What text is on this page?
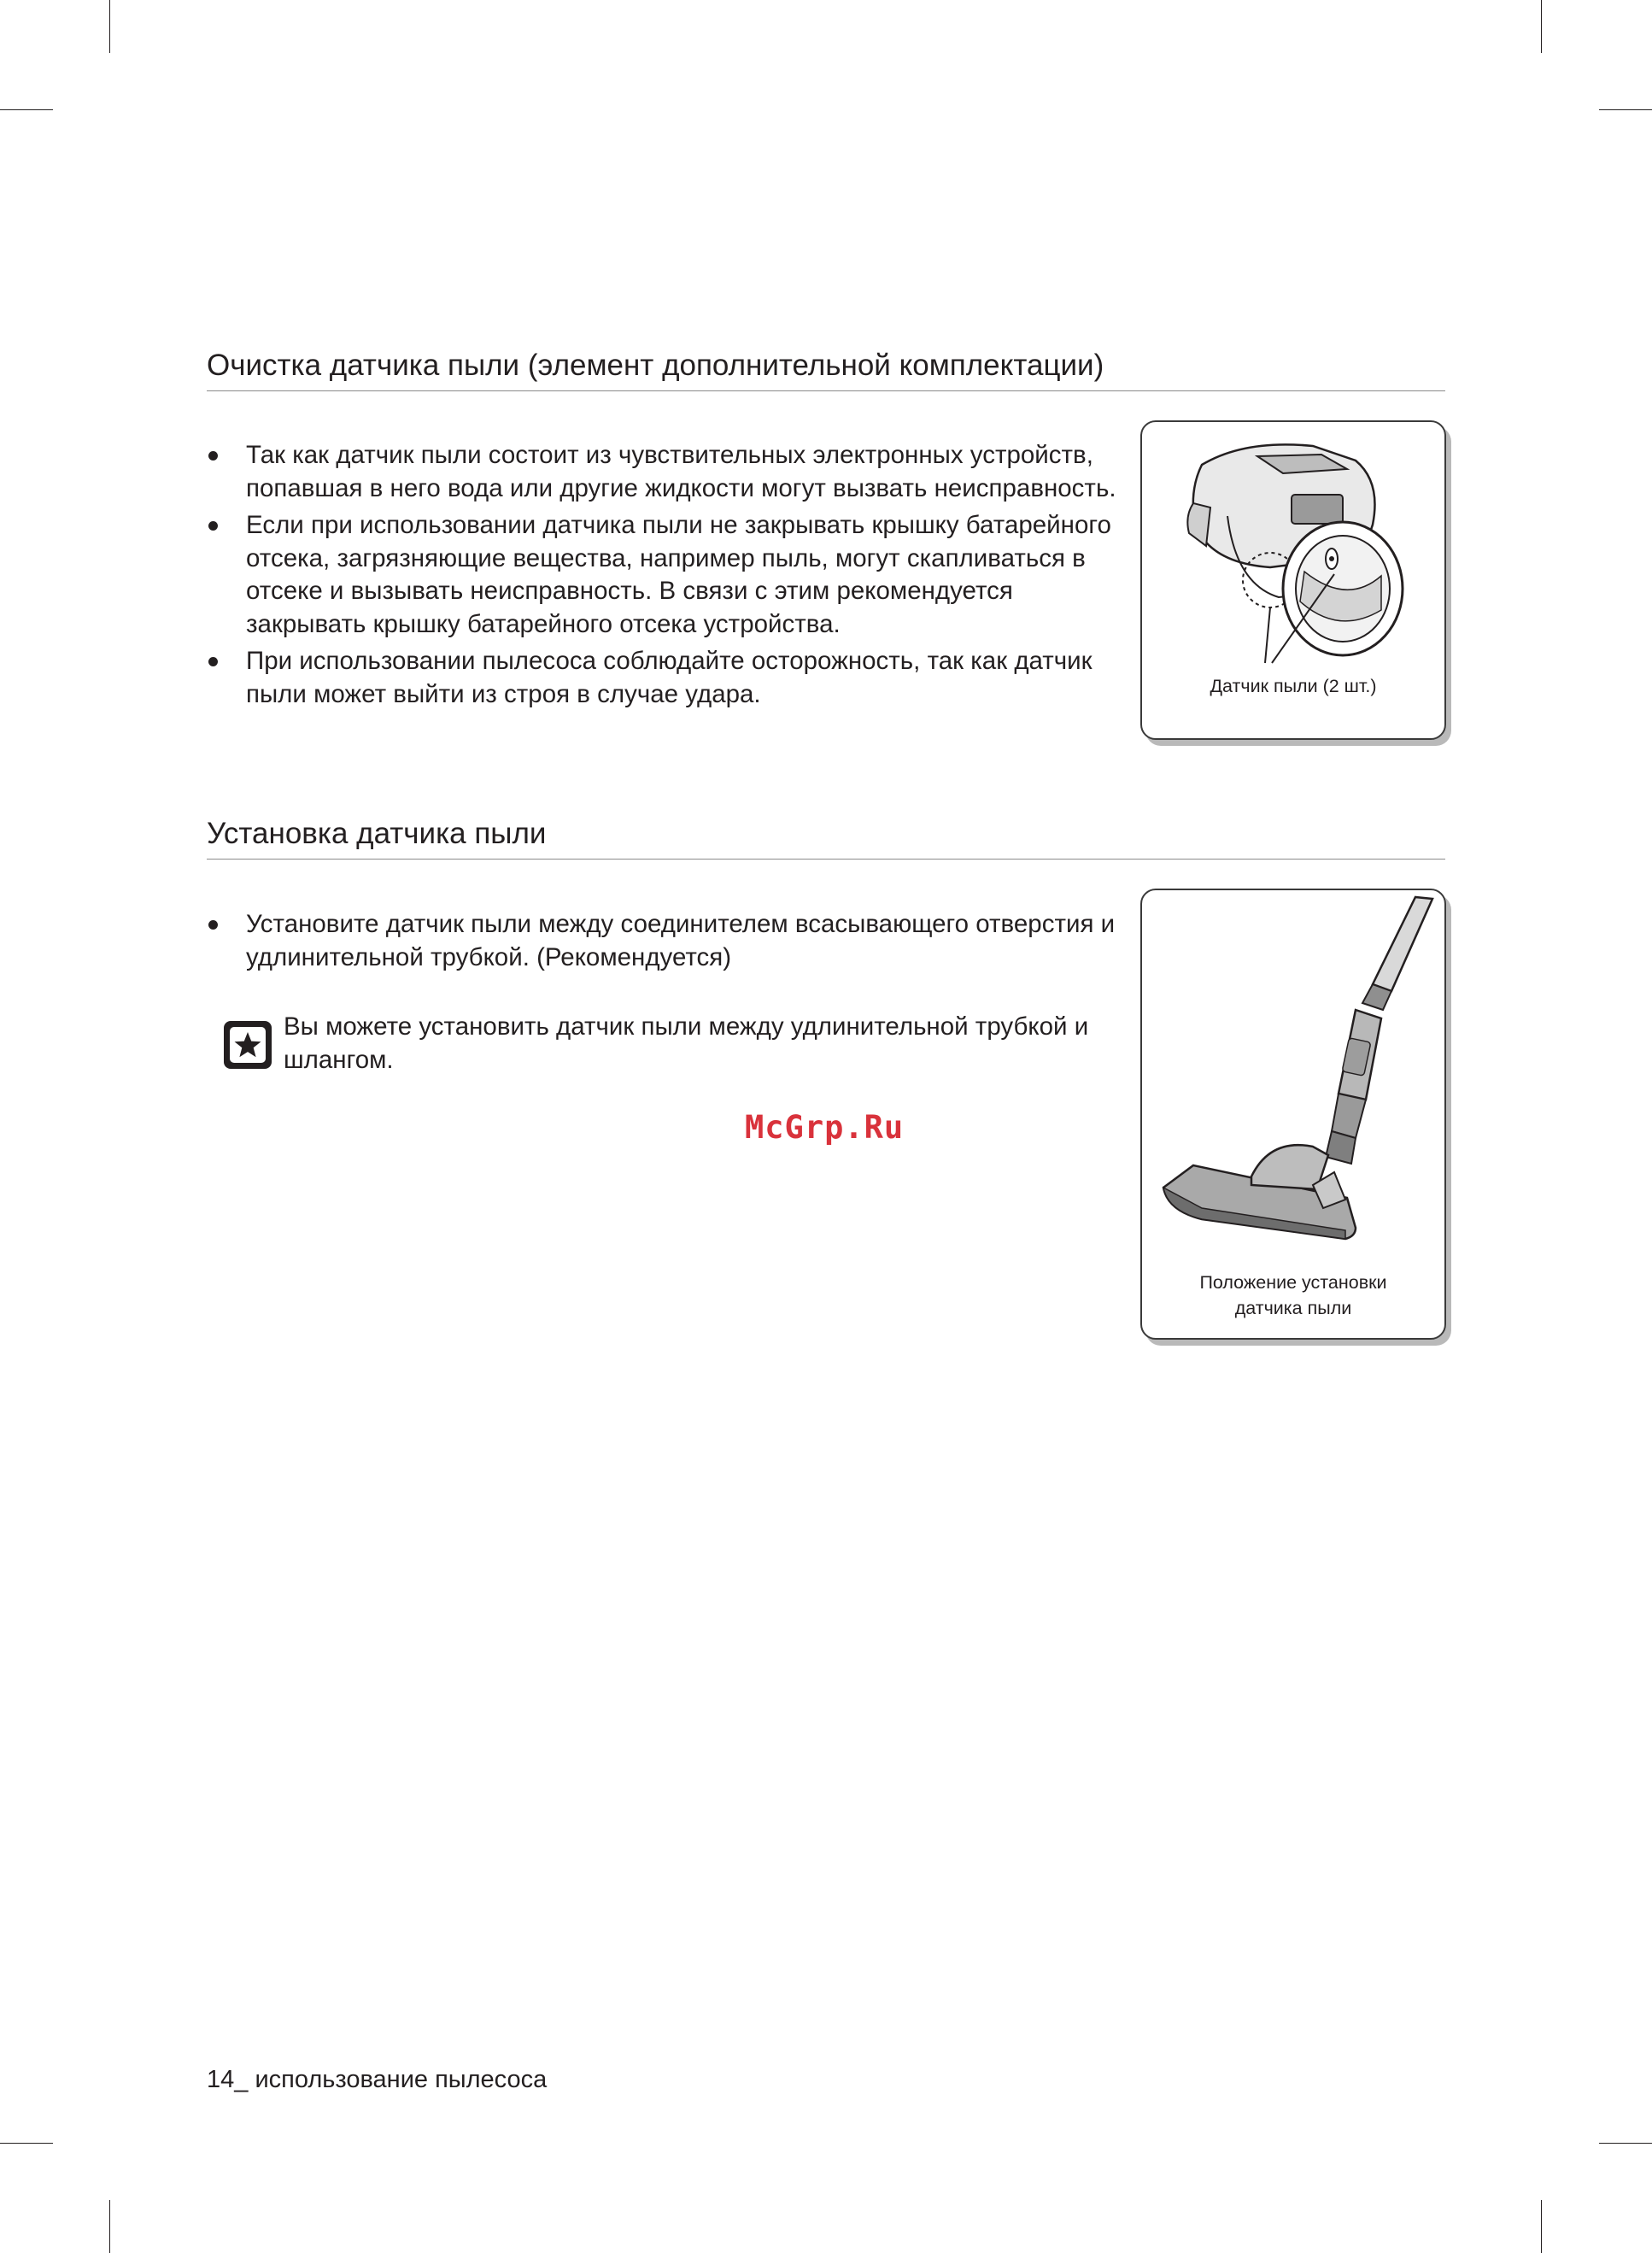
Очистка датчика пыли (элемент дополнительной комплектации)
Так как датчик пыли состоит из чувствительных электронных устройств, попавшая в него вода или другие жидкости могут вызвать неисправность.
Если при использовании датчика пыли не закрывать крышку батарейного отсека, загрязняющие вещества, например пыль, могут скапливаться в отсеке и вызывать неисправность. В связи с этим рекомендуется закрывать крышку батарейного отсека устройства.
При использовании пылесоса соблюдайте осторожность, так как датчик пыли может выйти из строя в случае удара.	Датчик пыли (2 шт.)
Установка датчика пыли
Установите датчик пыли между соединителем всасывающего отверстия и удлинительной трубкой. (Рекомендуется)
Вы можете установить датчик пыли между удлинительной трубкой и шлангом.
Положение установки
датчика пыли
McGrp.Ru
14_ использование пылесоса
